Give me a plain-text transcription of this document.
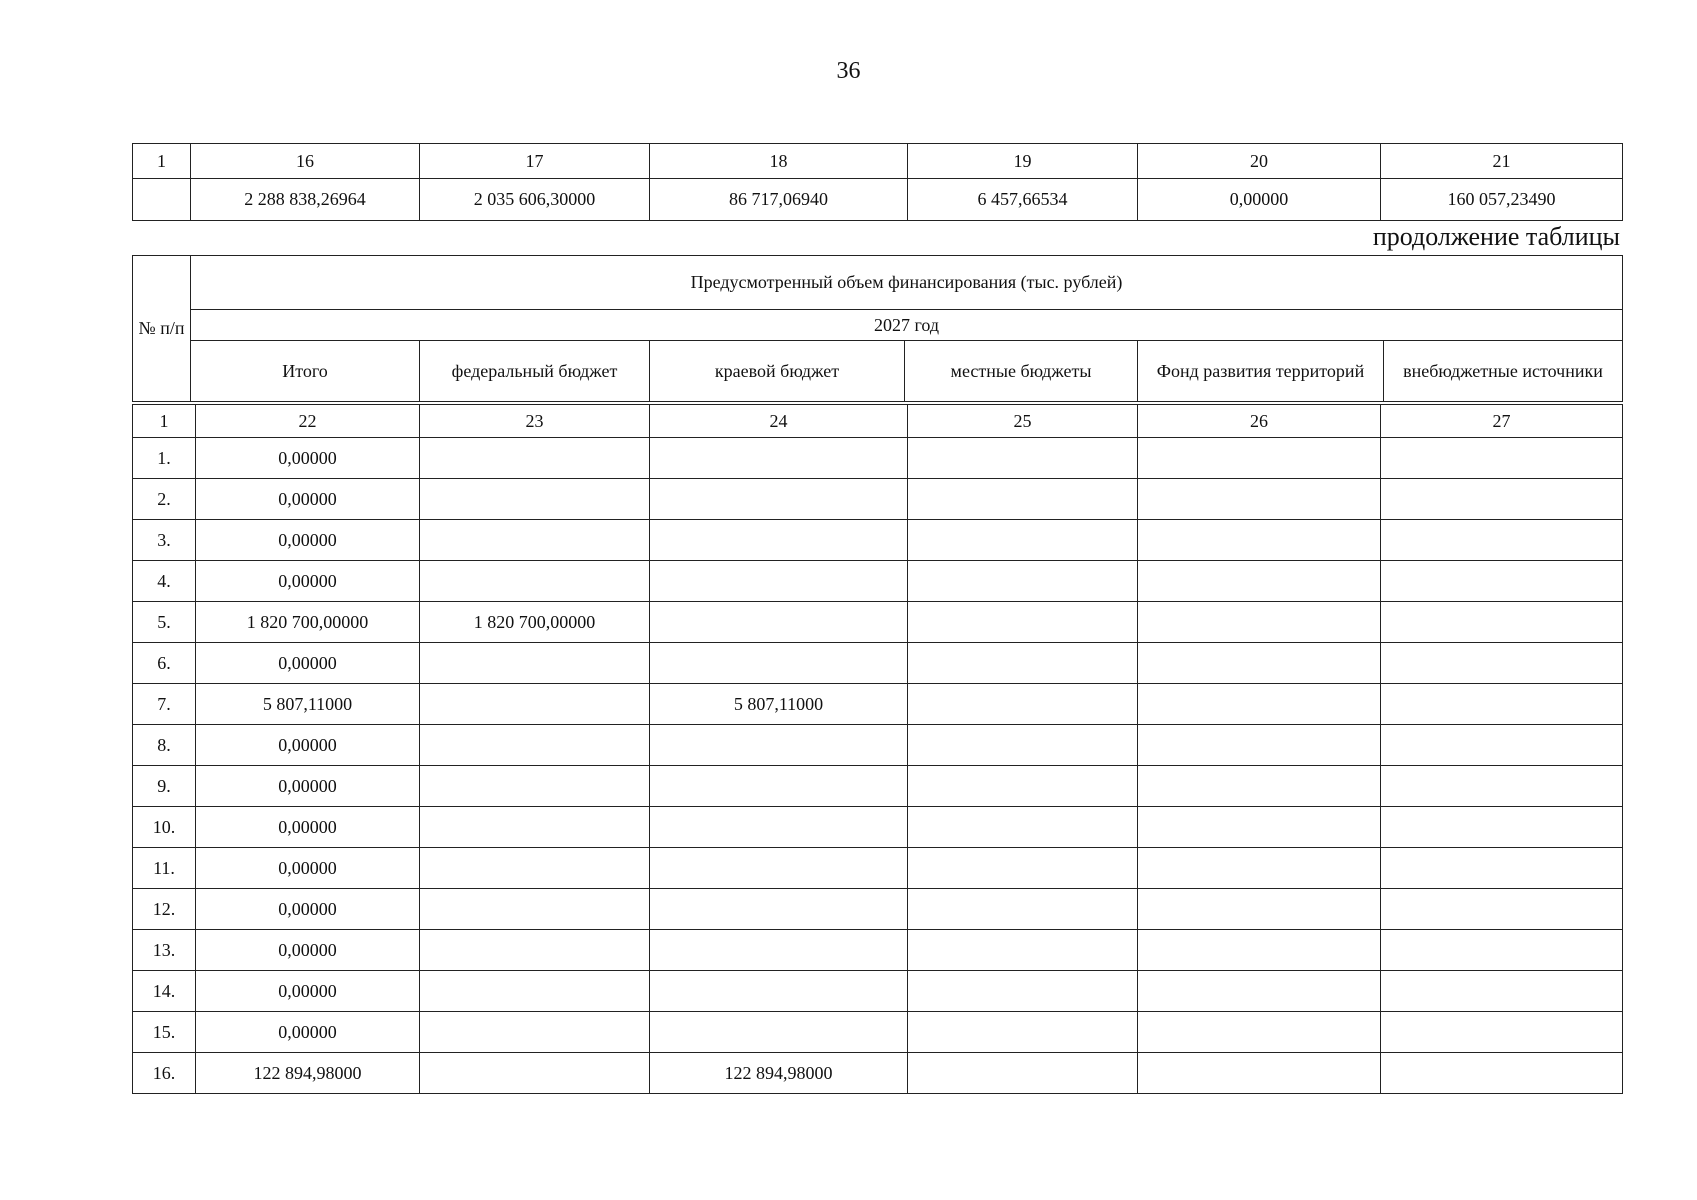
36
1	16	17	18	19	20	21
	2 288 838,26964	2 035 606,30000	86 717,06940	6 457,66534	0,00000	160 057,23490
продолжение таблицы
№ п/п	Предусмотренный объем финансирования (тыс. рублей)					
	2027 год					
	Итого	федеральный бюджет	краевой бюджет	местные бюджеты	Фонд развития территорий	внебюджетные источники
1	22	23	24	25	26	27
1.	0,00000					
2.	0,00000					
3.	0,00000					
4.	0,00000					
5.	1 820 700,00000	1 820 700,00000				
6.	0,00000					
7.	5 807,11000		5 807,11000			
8.	0,00000					
9.	0,00000					
10.	0,00000					
11.	0,00000					
12.	0,00000					
13.	0,00000					
14.	0,00000					
15.	0,00000					
16.	122 894,98000		122 894,98000			
